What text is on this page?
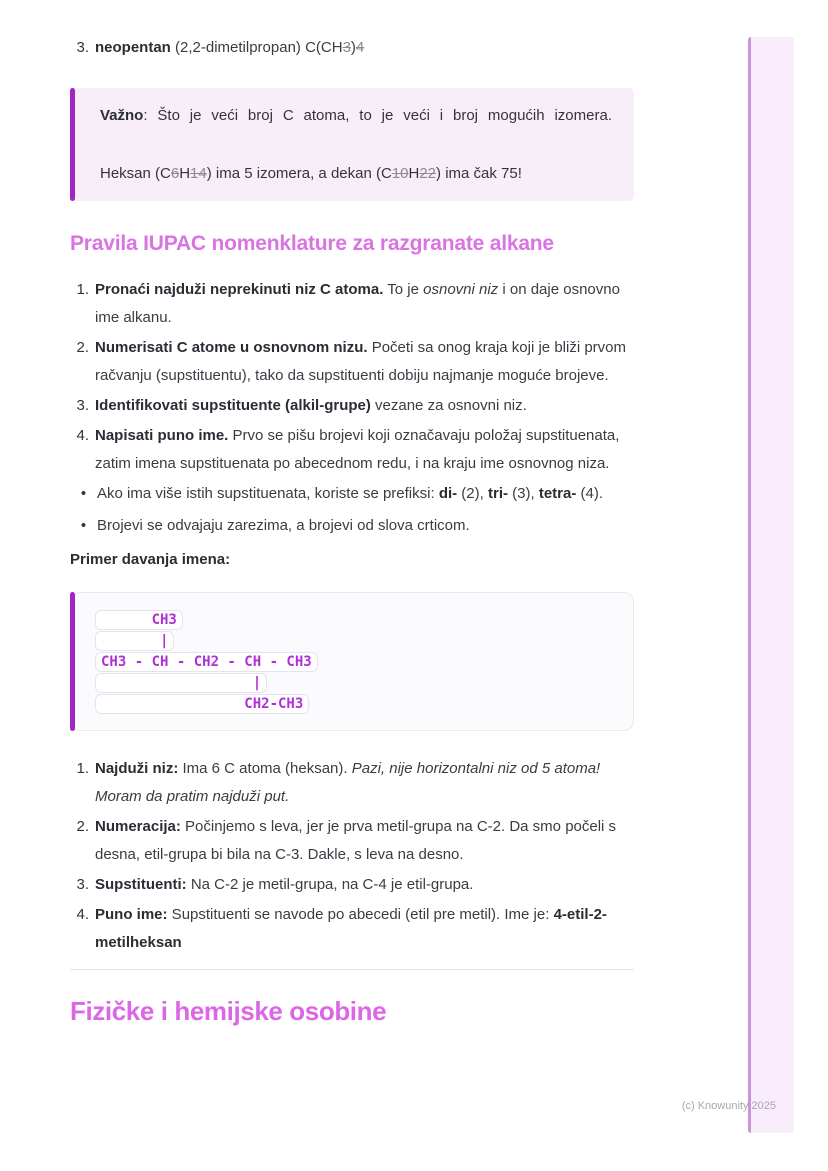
3. neopentan (2,2-dimetilpropan) C(CH3)4

Važno: Što je veći broj C atoma, to je veći i broj mogućih izomera.Heksan (C6H14) ima 5 izomera, a dekan (C10H22) ima čak 75!

Pravila IUPAC nomenklature za razgranate alkane
1. Pronaći najduži neprekinuti niz C atoma. To je osnovni niz i on daje osnovno ime alkanu.
2. Numerisati C atome u osnovnom nizu. Početi sa onog kraja koji je bliži prvom račvanju (supstituentu), tako da supstituenti dobiju najmanje moguće brojeve.
3. Identifikovati supstituente (alkil-grupe) vezane za osnovni niz.
4. Napisati puno ime. Prvo se pišu brojevi koji označavaju položaj supstituenata, zatim imena supstituenata po abecednom redu, i na kraju ime osnovnog niza.
• Ako ima više istih supstituenata, koriste se prefiksi: di- (2), tri- (3), tetra- (4).
• Brojevi se odvajaju zarezima, a brojevi od slova crticom.

Primer davanja imena:

CH3
|
CH3 - CH - CH2 - CH - CH3
|
CH2-CH3
1. Najduži niz: Ima 6 C atoma (heksan). Pazi, nije horizontalni niz od 5 atoma! Moram da pratim najduži put.
2. Numeracija: Počinjemo s leva, jer je prva metil-grupa na C-2. Da smo počeli s desna, etil-grupa bi bila na C-3. Dakle, s leva na desno.
3. Supstituenti: Na C-2 je metil-grupa, na C-4 je etil-grupa.
4. Puno ime: Supstituenti se navode po abecedi (etil pre metil). Ime je: 4-etil-2-metilheksan
Fizičke i hemijske osobine
(c) Knowunity 2025
